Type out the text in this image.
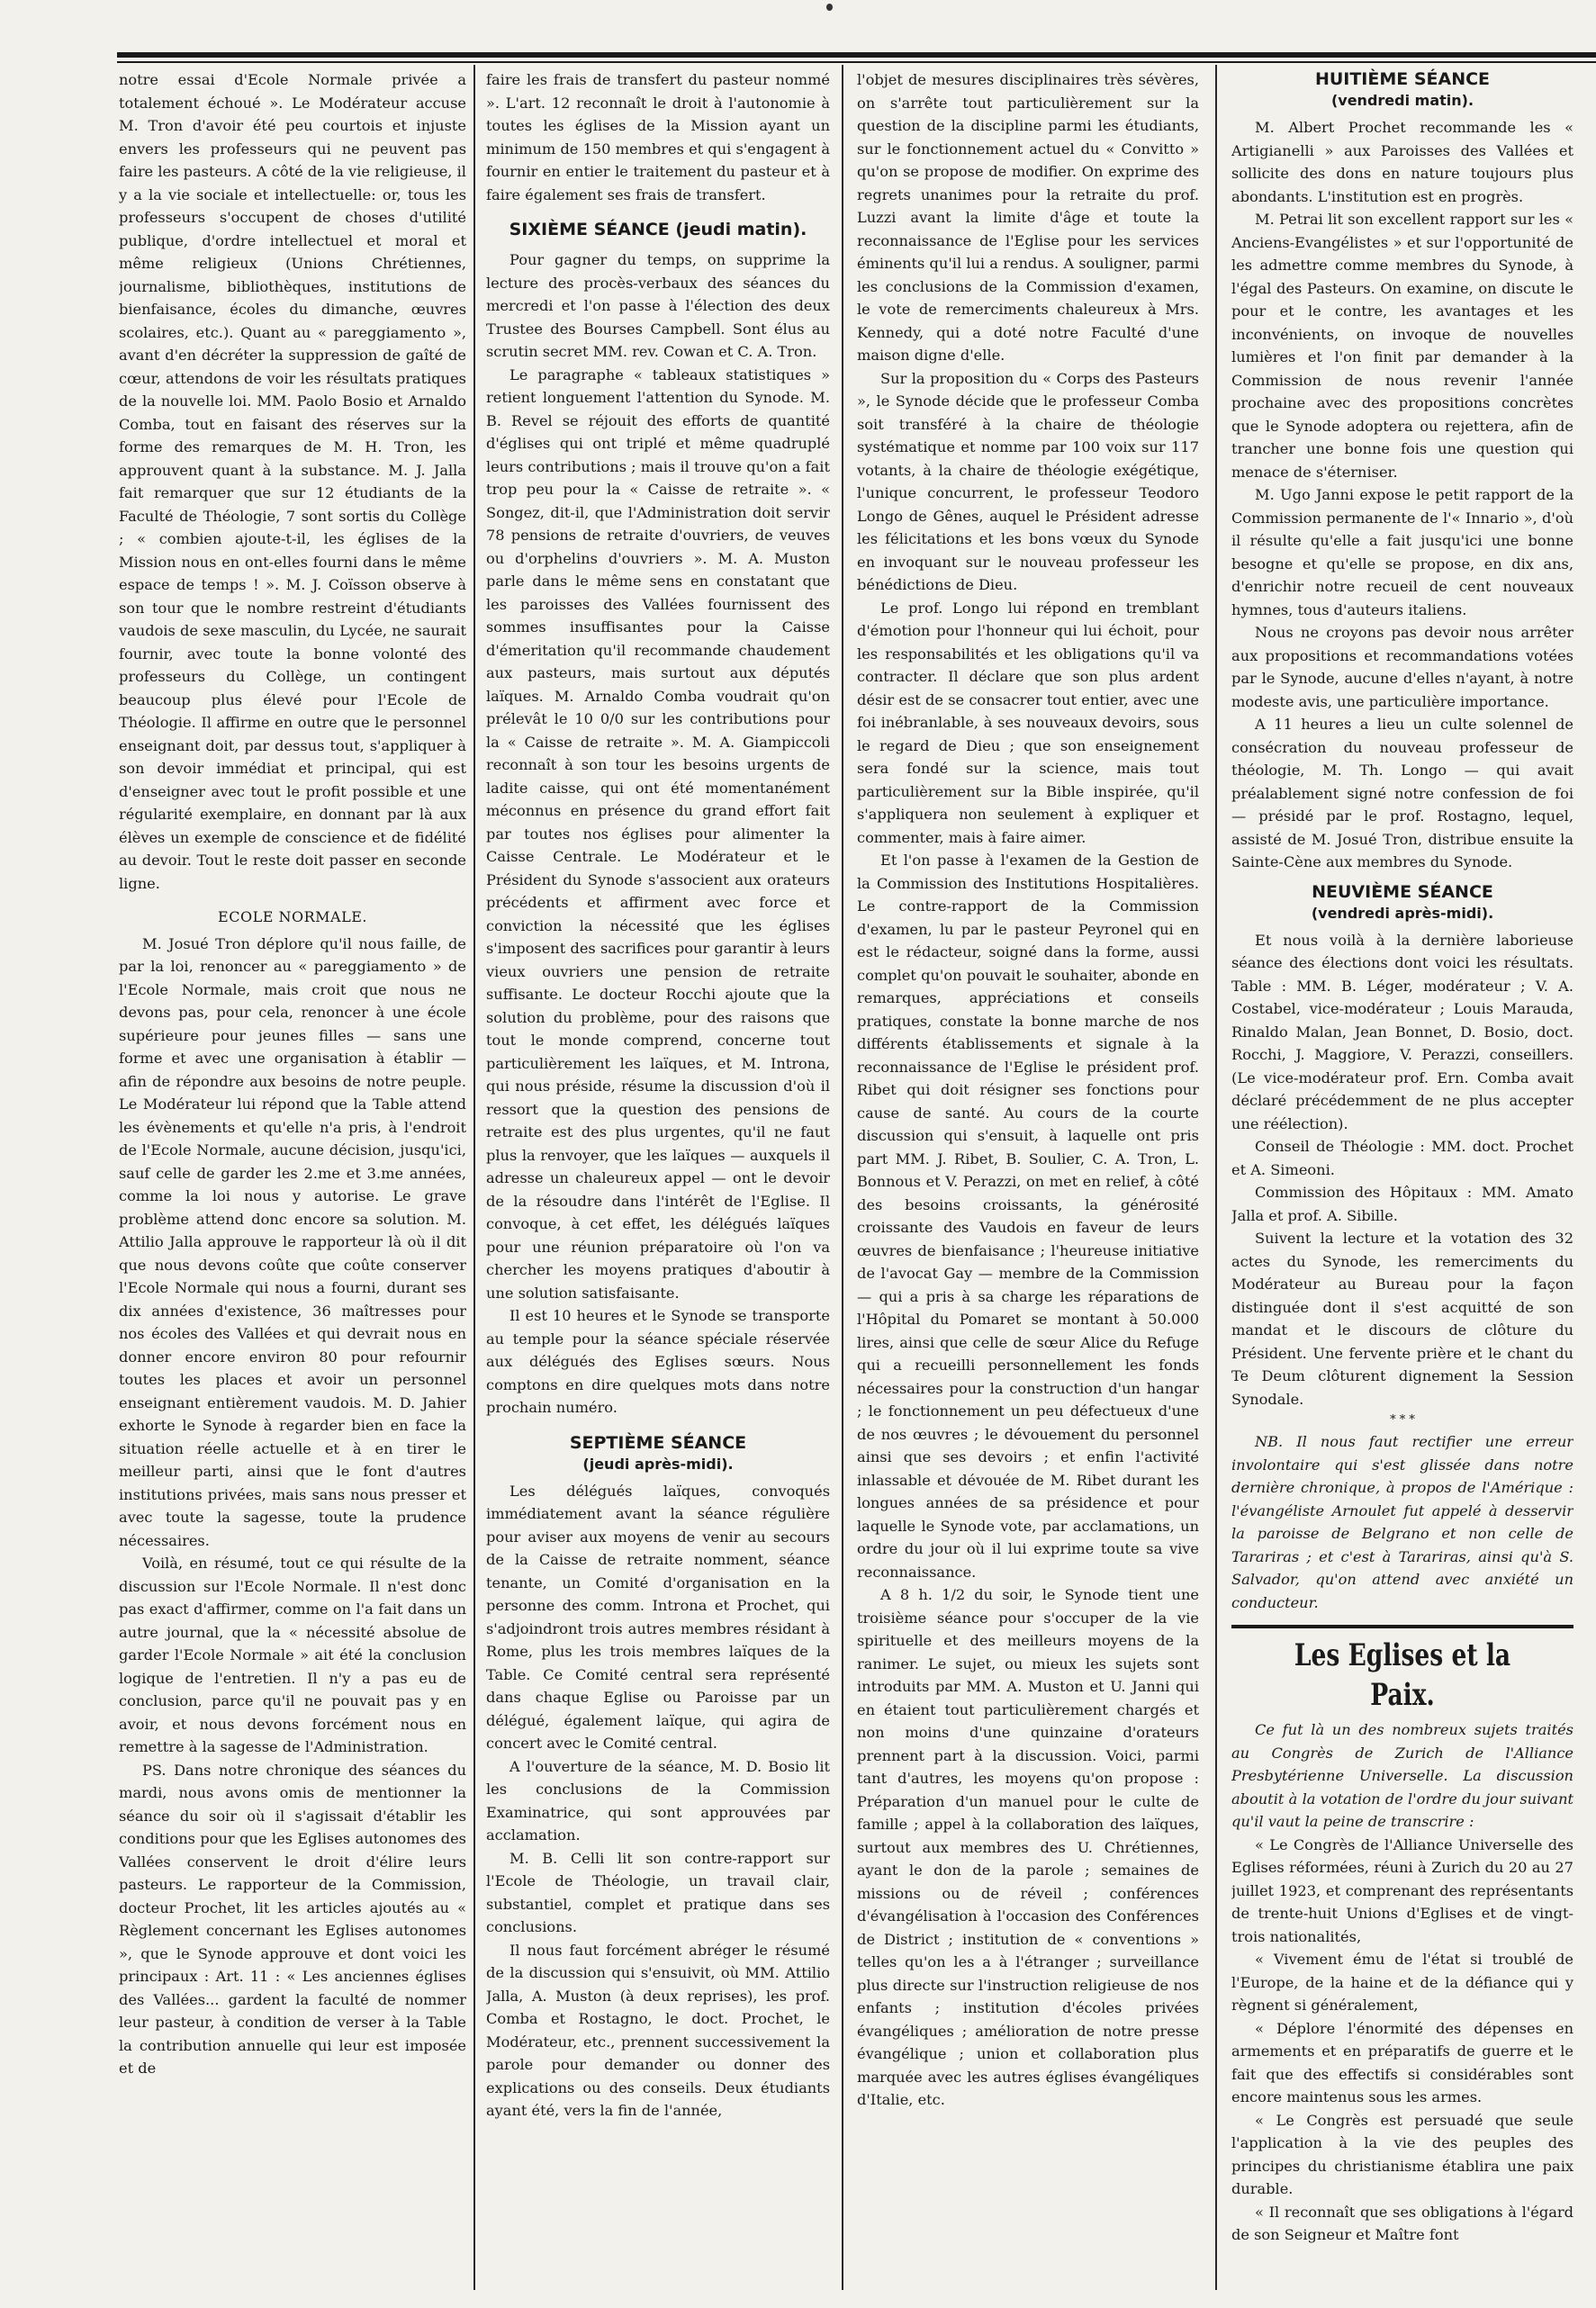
notre essai d'Ecole Normale privée a totalement échoué ». Le Modérateur accuse M. Tron d'avoir été peu courtois et injuste envers les professeurs qui ne peuvent pas faire les pasteurs. A côté de la vie religieuse, il y a la vie sociale et intellectuelle: or, tous les professeurs s'occupent de choses d'utilité publique, d'ordre intellectuel et moral et même religieux (Unions Chrétiennes, journalisme, bibliothèques, institutions de bienfaisance, écoles du dimanche, œuvres scolaires, etc.). Quant au « pareggiamento », avant d'en décréter la suppression de gaîté de cœur, attendons de voir les résultats pratiques de la nouvelle loi. MM. Paolo Bosio et Arnaldo Comba, tout en faisant des réserves sur la forme des remarques de M. H. Tron, les approuvent quant à la substance. M. J. Jalla fait remarquer que sur 12 étudiants de la Faculté de Théologie, 7 sont sortis du Collège ; « combien ajoute-t-il, les églises de la Mission nous en ont-elles fourni dans le même espace de temps ! ». M. J. Coïsson observe à son tour que le nombre restreint d'étudiants vaudois de sexe masculin, du Lycée, ne saurait fournir, avec toute la bonne volonté des professeurs du Collège, un contingent beaucoup plus élevé pour l'Ecole de Théologie. Il affirme en outre que le personnel enseignant doit, par dessus tout, s'appliquer à son devoir immédiat et principal, qui est d'enseigner avec tout le profit possible et une régularité exemplaire, en donnant par là aux élèves un exemple de conscience et de fidélité au devoir. Tout le reste doit passer en seconde ligne.

ECOLE NORMALE.

M. Josué Tron déplore qu'il nous faille, de par la loi, renoncer au « pareggiamento » de l'Ecole Normale, mais croit que nous ne devons pas, pour cela, renoncer à une école supérieure pour jeunes filles — sans une forme et avec une organisation à établir — afin de répondre aux besoins de notre peuple. Le Modérateur lui répond que la Table attend les évènements et qu'elle n'a pris, à l'endroit de l'Ecole Normale, aucune décision, jusqu'ici, sauf celle de garder les 2.me et 3.me années, comme la loi nous y autorise. Le grave problème attend donc encore sa solution. M. Attilio Jalla approuve le rapporteur là où il dit que nous devons coûte que coûte conserver l'Ecole Normale qui nous a fourni, durant ses dix années d'existence, 36 maîtresses pour nos écoles des Vallées et qui devrait nous en donner encore environ 80 pour refournir toutes les places et avoir un personnel enseignant entièrement vaudois. M. D. Jahier exhorte le Synode à regarder bien en face la situation réelle actuelle et à en tirer le meilleur parti, ainsi que le font d'autres institutions privées, mais sans nous presser et avec toute la sagesse, toute la prudence nécessaires.

Voilà, en résumé, tout ce qui résulte de la discussion sur l'Ecole Normale. Il n'est donc pas exact d'affirmer, comme on l'a fait dans un autre journal, que la « nécessité absolue de garder l'Ecole Normale » ait été la conclusion logique de l'entretien. Il n'y a pas eu de conclusion, parce qu'il ne pouvait pas y en avoir, et nous devons forcément nous en remettre à la sagesse de l'Administration.

PS. Dans notre chronique des séances du mardi, nous avons omis de mentionner la séance du soir où il s'agissait d'établir les conditions pour que les Eglises autonomes des Vallées conservent le droit d'élire leurs pasteurs. Le rapporteur de la Commission, docteur Prochet, lit les articles ajoutés au « Règlement concernant les Eglises autonomes », que le Synode approuve et dont voici les principaux : Art. 11 : « Les anciennes églises des Vallées... gardent la faculté de nommer leur pasteur, à condition de verser à la Table la contribution annuelle qui leur est imposée et de

faire les frais de transfert du pasteur nommé ». L'art. 12 reconnaît le droit à l'autonomie à toutes les églises de la Mission ayant un minimum de 150 membres et qui s'engagent à fournir en entier le traitement du pasteur et à faire également ses frais de transfert.

SIXIÈME SÉANCE (jeudi matin).

Pour gagner du temps, on supprime la lecture des procès-verbaux des séances du mercredi et l'on passe à l'élection des deux Trustee des Bourses Campbell. Sont élus au scrutin secret MM. rev. Cowan et C. A. Tron.

Le paragraphe « tableaux statistiques » retient longuement l'attention du Synode. M. B. Revel se réjouit des efforts de quantité d'églises qui ont triplé et même quadruplé leurs contributions ; mais il trouve qu'on a fait trop peu pour la « Caisse de retraite ». « Songez, dit-il, que l'Administration doit servir 78 pensions de retraite d'ouvriers, de veuves ou d'orphelins d'ouvriers ». M. A. Muston parle dans le même sens en constatant que les paroisses des Vallées fournissent des sommes insuffisantes pour la Caisse d'émeritation qu'il recommande chaudement aux pasteurs, mais surtout aux députés laïques. M. Arnaldo Comba voudrait qu'on prélevât le 10 0/0 sur les contributions pour la « Caisse de retraite ». M. A. Giampiccoli reconnaît à son tour les besoins urgents de ladite caisse, qui ont été momentanément méconnus en présence du grand effort fait par toutes nos églises pour alimenter la Caisse Centrale. Le Modérateur et le Président du Synode s'associent aux orateurs précédents et affirment avec force et conviction la nécessité que les églises s'imposent des sacrifices pour garantir à leurs vieux ouvriers une pension de retraite suffisante. Le docteur Rocchi ajoute que la solution du problème, pour des raisons que tout le monde comprend, concerne tout particulièrement les laïques, et M. Introna, qui nous préside, résume la discussion d'où il ressort que la question des pensions de retraite est des plus urgentes, qu'il ne faut plus la renvoyer, que les laïques — auxquels il adresse un chaleureux appel — ont le devoir de la résoudre dans l'intérêt de l'Eglise. Il convoque, à cet effet, les délégués laïques pour une réunion préparatoire où l'on va chercher les moyens pratiques d'aboutir à une solution satisfaisante.

Il est 10 heures et le Synode se transporte au temple pour la séance spéciale réservée aux délégués des Eglises sœurs. Nous comptons en dire quelques mots dans notre prochain numéro.

SEPTIÈME SÉANCE
(jeudi après-midi).

Les délégués laïques, convoqués immédiatement avant la séance régulière pour aviser aux moyens de venir au secours de la Caisse de retraite nomment, séance tenante, un Comité d'organisation en la personne des comm. Introna et Prochet, qui s'adjoindront trois autres membres résidant à Rome, plus les trois membres laïques de la Table. Ce Comité central sera représenté dans chaque Eglise ou Paroisse par un délégué, également laïque, qui agira de concert avec le Comité central.

A l'ouverture de la séance, M. D. Bosio lit les conclusions de la Commission Examinatrice, qui sont approuvées par acclamation.

M. B. Celli lit son contre-rapport sur l'Ecole de Théologie, un travail clair, substantiel, complet et pratique dans ses conclusions.

Il nous faut forcément abréger le résumé de la discussion qui s'ensuivit, où MM. Attilio Jalla, A. Muston (à deux reprises), les prof. Comba et Rostagno, le doct. Prochet, le Modérateur, etc., prennent successivement la parole pour demander ou donner des explications ou des conseils. Deux étudiants ayant été, vers la fin de l'année,

l'objet de mesures disciplinaires très sévères, on s'arrête tout particulièrement sur la question de la discipline parmi les étudiants, sur le fonctionnement actuel du « Convitto » qu'on se propose de modifier. On exprime des regrets unanimes pour la retraite du prof. Luzzi avant la limite d'âge et toute la reconnaissance de l'Eglise pour les services éminents qu'il lui a rendus. A souligner, parmi les conclusions de la Commission d'examen, le vote de remerciments chaleureux à Mrs. Kennedy, qui a doté notre Faculté d'une maison digne d'elle.

Sur la proposition du « Corps des Pasteurs », le Synode décide que le professeur Comba soit transféré à la chaire de théologie systématique et nomme par 100 voix sur 117 votants, à la chaire de théologie exégétique, l'unique concurrent, le professeur Teodoro Longo de Gênes, auquel le Président adresse les félicitations et les bons vœux du Synode en invoquant sur le nouveau professeur les bénédictions de Dieu.

Le prof. Longo lui répond en tremblant d'émotion pour l'honneur qui lui échoit, pour les responsabilités et les obligations qu'il va contracter. Il déclare que son plus ardent désir est de se consacrer tout entier, avec une foi inébranlable, à ses nouveaux devoirs, sous le regard de Dieu ; que son enseignement sera fondé sur la science, mais tout particulièrement sur la Bible inspirée, qu'il s'appliquera non seulement à expliquer et commenter, mais à faire aimer.

Et l'on passe à l'examen de la Gestion de la Commission des Institutions Hospitalières. Le contre-rapport de la Commission d'examen, lu par le pasteur Peyronel qui en est le rédacteur, soigné dans la forme, aussi complet qu'on pouvait le souhaiter, abonde en remarques, appréciations et conseils pratiques, constate la bonne marche de nos différents établissements et signale à la reconnaissance de l'Eglise le président prof. Ribet qui doit résigner ses fonctions pour cause de santé. Au cours de la courte discussion qui s'ensuit, à laquelle ont pris part MM. J. Ribet, B. Soulier, C. A. Tron, L. Bonnous et V. Perazzi, on met en relief, à côté des besoins croissants, la générosité croissante des Vaudois en faveur de leurs œuvres de bienfaisance ; l'heureuse initiative de l'avocat Gay — membre de la Commission — qui a pris à sa charge les réparations de l'Hôpital du Pomaret se montant à 50.000 lires, ainsi que celle de sœur Alice du Refuge qui a recueilli personnellement les fonds nécessaires pour la construction d'un hangar ; le fonctionnement un peu défectueux d'une de nos œuvres ; le dévouement du personnel ainsi que ses devoirs ; et enfin l'activité inlassable et dévouée de M. Ribet durant les longues années de sa présidence et pour laquelle le Synode vote, par acclamations, un ordre du jour où il lui exprime toute sa vive reconnaissance.

A 8 h. 1/2 du soir, le Synode tient une troisième séance pour s'occuper de la vie spirituelle et des meilleurs moyens de la ranimer. Le sujet, ou mieux les sujets sont introduits par MM. A. Muston et U. Janni qui en étaient tout particulièrement chargés et non moins d'une quinzaine d'orateurs prennent part à la discussion. Voici, parmi tant d'autres, les moyens qu'on propose : Préparation d'un manuel pour le culte de famille ; appel à la collaboration des laïques, surtout aux membres des U. Chrétiennes, ayant le don de la parole ; semaines de missions ou de réveil ; conférences d'évangélisation à l'occasion des Conférences de District ; institution de « conventions » telles qu'on les a à l'étranger ; surveillance plus directe sur l'instruction religieuse de nos enfants ; institution d'écoles privées évangéliques ; amélioration de notre presse évangélique ; union et collaboration plus marquée avec les autres églises évangéliques d'Italie, etc.

HUITIÈME SÉANCE
(vendredi matin).

M. Albert Prochet recommande les « Artigianelli » aux Paroisses des Vallées et sollicite des dons en nature toujours plus abondants. L'institution est en progrès.

M. Petrai lit son excellent rapport sur les « Anciens-Evangélistes » et sur l'opportunité de les admettre comme membres du Synode, à l'égal des Pasteurs. On examine, on discute le pour et le contre, les avantages et les inconvénients, on invoque de nouvelles lumières et l'on finit par demander à la Commission de nous revenir l'année prochaine avec des propositions concrètes que le Synode adoptera ou rejettera, afin de trancher une bonne fois une question qui menace de s'éterniser.

M. Ugo Janni expose le petit rapport de la Commission permanente de l'« Innario », d'où il résulte qu'elle a fait jusqu'ici une bonne besogne et qu'elle se propose, en dix ans, d'enrichir notre recueil de cent nouveaux hymnes, tous d'auteurs italiens.

Nous ne croyons pas devoir nous arrêter aux propositions et recommandations votées par le Synode, aucune d'elles n'ayant, à notre modeste avis, une particulière importance.

A 11 heures a lieu un culte solennel de consécration du nouveau professeur de théologie, M. Th. Longo — qui avait préalablement signé notre confession de foi — présidé par le prof. Rostagno, lequel, assisté de M. Josué Tron, distribue ensuite la Sainte-Cène aux membres du Synode.

NEUVIÈME SÉANCE
(vendredi après-midi).

Et nous voilà à la dernière laborieuse séance des élections dont voici les résultats. Table : MM. B. Léger, modérateur ; V. A. Costabel, vice-modérateur ; Louis Marauda, Rinaldo Malan, Jean Bonnet, D. Bosio, doct. Rocchi, J. Maggiore, V. Perazzi, conseillers. (Le vice-modérateur prof. Ern. Comba avait déclaré précédemment de ne plus accepter une réélection).

Conseil de Théologie : MM. doct. Prochet et A. Simeoni.

Commission des Hôpitaux : MM. Amato Jalla et prof. A. Sibille.

Suivent la lecture et la votation des 32 actes du Synode, les remerciments du Modérateur au Bureau pour la façon distinguée dont il s'est acquitté de son mandat et le discours de clôture du Président. Une fervente prière et le chant du Te Deum clôturent dignement la Session Synodale.

* * *

NB. Il nous faut rectifier une erreur involontaire qui s'est glissée dans notre dernière chronique, à propos de l'Amérique : l'évangéliste Arnoulet fut appelé à desservir la paroisse de Belgrano et non celle de Tarariras ; et c'est à Tarariras, ainsi qu'à S. Salvador, qu'on attend avec anxiété un conducteur.

Les Eglises et la Paix.

Ce fut là un des nombreux sujets traités au Congrès de Zurich de l'Alliance Presbytérienne Universelle. La discussion aboutit à la votation de l'ordre du jour suivant qu'il vaut la peine de transcrire :

« Le Congrès de l'Alliance Universelle des Eglises réformées, réuni à Zurich du 20 au 27 juillet 1923, et comprenant des représentants de trente-huit Unions d'Eglises et de vingt-trois nationalités,

« Vivement ému de l'état si troublé de l'Europe, de la haine et de la défiance qui y règnent si généralement,

« Déplore l'énormité des dépenses en armements et en préparatifs de guerre et le fait que des effectifs si considérables sont encore maintenus sous les armes.

« Le Congrès est persuadé que seule l'application à la vie des peuples des principes du christianisme établira une paix durable.

« Il reconnaît que ses obligations à l'égard de son Seigneur et Maître font
